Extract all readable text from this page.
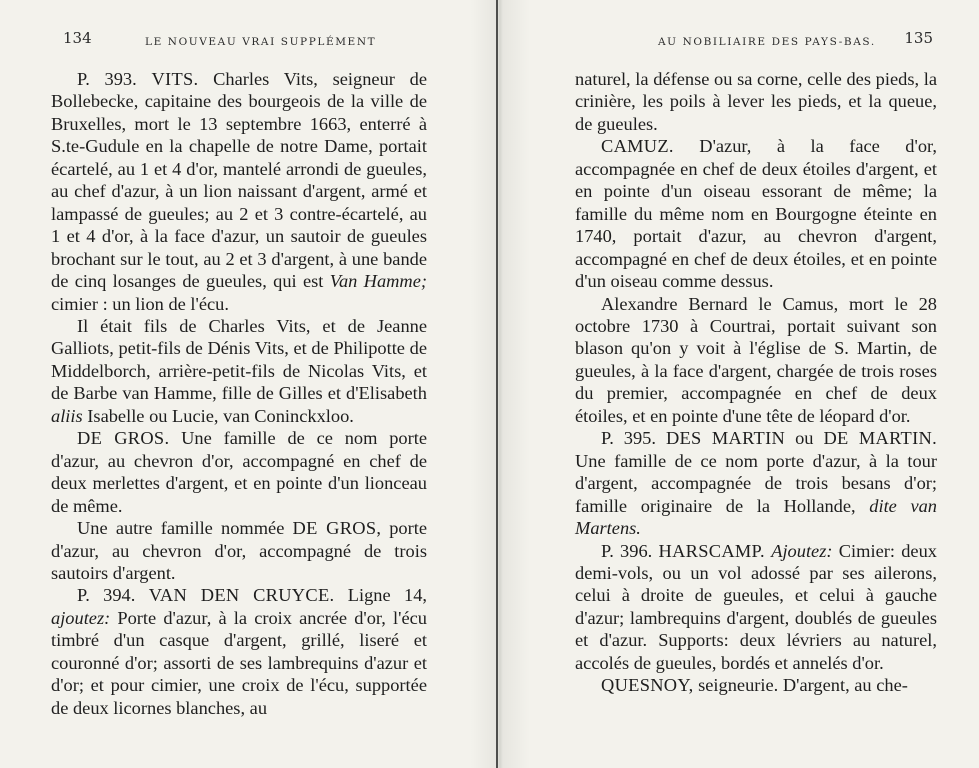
134	LE NOUVEAU VRAI SUPPLÉMENT

P. 393. VITS. Charles Vits, seigneur de Bollebecke, capitaine des bourgeois de la ville de Bruxelles, mort le 13 septembre 1663, enterré à S.te-Gudule en la chapelle de notre Dame, portait écartelé, au 1 et 4 d'or, mantelé arrondi de gueules, au chef d'azur, à un lion naissant d'argent, armé et lampassé de gueules; au 2 et 3 contre-écartelé, au 1 et 4 d'or, à la face d'azur, un sautoir de gueules brochant sur le tout, au 2 et 3 d'argent, à une bande de cinq losanges de gueules, qui est Van Hamme; cimier : un lion de l'écu.

Il était fils de Charles Vits, et de Jeanne Galliots, petit-fils de Dénis Vits, et de Philipotte de Middelborch, arrière-petit-fils de Nicolas Vits, et de Barbe van Hamme, fille de Gilles et d'Elisabeth aliis Isabelle ou Lucie, van Coninckxloo.

DE GROS. Une famille de ce nom porte d'azur, au chevron d'or, accompagné en chef de deux merlettes d'argent, et en pointe d'un lionceau de même.

Une autre famille nommée DE GROS, porte d'azur, au chevron d'or, accompagné de trois sautoirs d'argent.

P. 394. VAN DEN CRUYCE. Ligne 14, ajoutez: Porte d'azur, à la croix ancrée d'or, l'écu timbré d'un casque d'argent, grillé, liseré et couronné d'or; assorti de ses lambrequins d'azur et d'or; et pour cimier, une croix de l'écu, supportée de deux licornes blanches, au

AU NOBILIAIRE DES PAYS-BAS. 135

naturel, la défense ou sa corne, celle des pieds, la crinière, les poils à lever les pieds, et la queue, de gueules.

CAMUZ. D'azur, à la face d'or, accompagnée en chef de deux étoiles d'argent, et en pointe d'un oiseau essorant de même; la famille du même nom en Bourgogne éteinte en 1740, portait d'azur, au chevron d'argent, accompagné en chef de deux étoiles, et en pointe d'un oiseau comme dessus.

Alexandre Bernard le Camus, mort le 28 octobre 1730 à Courtrai, portait suivant son blason qu'on y voit à l'église de S. Martin, de gueules, à la face d'argent, chargée de trois roses du premier, accompagnée en chef de deux étoiles, et en pointe d'une tête de léopard d'or.

P. 395. DES MARTIN ou DE MARTIN. Une famille de ce nom porte d'azur, à la tour d'argent, accompagnée de trois besans d'or; famille originaire de la Hollande, dite van Martens.

P. 396. HARSCAMP. Ajoutez: Cimier: deux demi-vols, ou un vol adossé par ses ailerons, celui à droite de gueules, et celui à gauche d'azur; lambrequins d'argent, doublés de gueules et d'azur. Supports: deux lévriers au naturel, accolés de gueules, bordés et annelés d'or.

QUESNOY, seigneurie. D'argent, au che-
